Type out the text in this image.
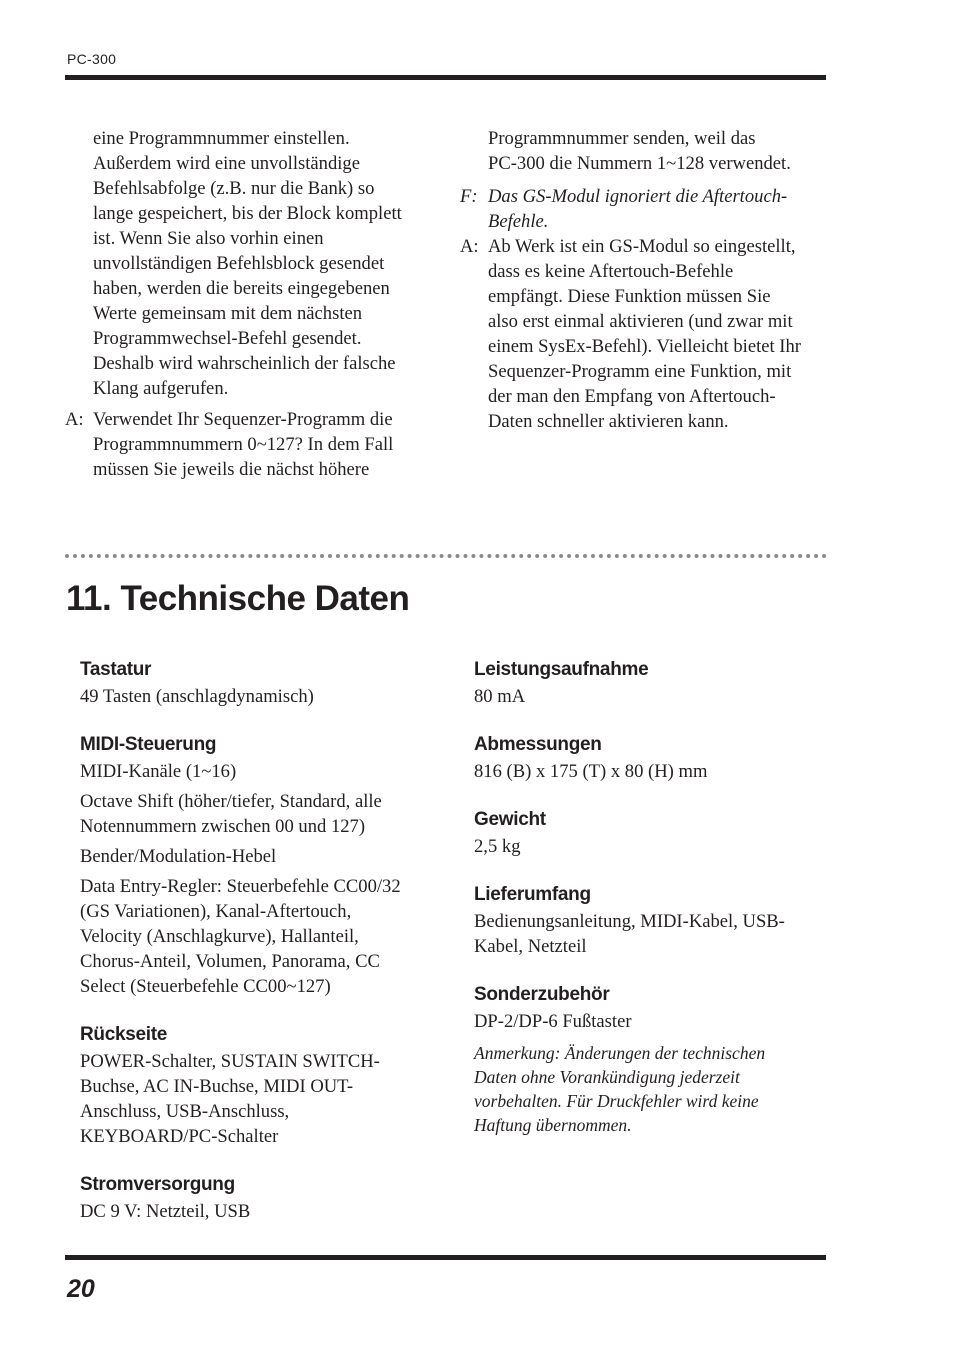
PC-300

eine Programmnummer einstellen.
Außerdem wird eine unvollständige
Befehlsabfolge (z.B. nur die Bank) so
lange gespeichert, bis der Block komplett
ist. Wenn Sie also vorhin einen
unvollständigen Befehlsblock gesendet
haben, werden die bereits eingegebenen
Werte gemeinsam mit dem nächsten
Programmwechsel-Befehl gesendet.
Deshalb wird wahrscheinlich der falsche
Klang aufgerufen.

A: Verwendet Ihr Sequenzer-Programm die
Programmnummern 0~127? In dem Fall
müssen Sie jeweils die nächst höhere

Programmnummer senden, weil das
PC-300 die Nummern 1~128 verwendet.

F: Das GS-Modul ignoriert die Aftertouch-
Befehle.

A: Ab Werk ist ein GS-Modul so eingestellt,
dass es keine Aftertouch-Befehle
empfängt. Diese Funktion müssen Sie
also erst einmal aktivieren (und zwar mit
einem SysEx-Befehl). Vielleicht bietet Ihr
Sequenzer-Programm eine Funktion, mit
der man den Empfang von Aftertouch-
Daten schneller aktivieren kann.

11. Technische Daten
Tastatur

49 Tasten (anschlagdynamisch)

MIDI-Steuerung

MIDI-Kanäle (1~16)

Octave Shift (höher/tiefer, Standard, alle
Notennummern zwischen 00 und 127)

Bender/Modulation-Hebel

Data Entry-Regler: Steuerbefehle CC00/32
(GS Variationen), Kanal-Aftertouch,
Velocity (Anschlagkurve), Hallanteil,
Chorus-Anteil, Volumen, Panorama, CC
Select (Steuerbefehle CC00~127)

Rückseite

POWER-Schalter, SUSTAIN SWITCH-
Buchse, AC IN-Buchse, MIDI OUT-
Anschluss, USB-Anschluss,
KEYBOARD/PC-Schalter

Stromversorgung

DC 9 V: Netzteil, USB

Leistungsaufnahme

80 mA

Abmessungen

816 (B) x 175 (T) x 80 (H) mm

Gewicht

2,5 kg

Lieferumfang

Bedienungsanleitung, MIDI-Kabel, USB-
Kabel, Netzteil

Sonderzubehör

DP-2/DP-6 Fußtaster

Anmerkung: Änderungen der technischen
Daten ohne Vorankündigung jederzeit
vorbehalten. Für Druckfehler wird keine
Haftung übernommen.

20
